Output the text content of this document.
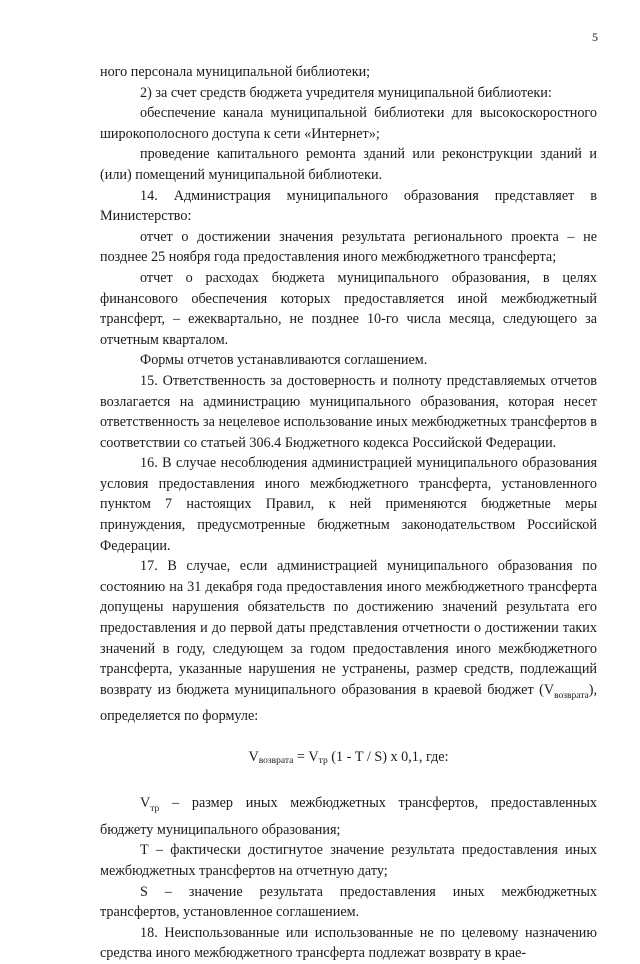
5

ного персонала муниципальной библиотеки;

2) за счет средств бюджета учредителя муниципальной библиотеки:

обеспечение канала муниципальной библиотеки для высокоскоростного широкополосного доступа к сети «Интернет»;

проведение капитального ремонта зданий или реконструкции зданий и (или) помещений муниципальной библиотеки.

14. Администрация муниципального образования представляет в Министерство:

отчет о достижении значения результата регионального проекта – не позднее 25 ноября года предоставления иного межбюджетного трансферта;

отчет о расходах бюджета муниципального образования, в целях финансового обеспечения которых предоставляется иной межбюджетный трансферт, – ежеквартально, не позднее 10-го числа месяца, следующего за отчетным кварталом.

Формы отчетов устанавливаются соглашением.

15. Ответственность за достоверность и полноту представляемых отчетов возлагается на администрацию муниципального образования, которая несет ответственность за нецелевое использование иных межбюджетных трансфертов в соответствии со статьей 306.4 Бюджетного кодекса Российской Федерации.

16. В случае несоблюдения администрацией муниципального образования условия предоставления иного межбюджетного трансферта, установленного пунктом 7 настоящих Правил, к ней применяются бюджетные меры принуждения, предусмотренные бюджетным законодательством Российской Федерации.

17. В случае, если администрацией муниципального образования по состоянию на 31 декабря года предоставления иного межбюджетного трансферта допущены нарушения обязательств по достижению значений результата его предоставления и до первой даты представления отчетности о достижении таких значений в году, следующем за годом предоставления иного межбюджетного трансферта, указанные нарушения не устранены, размер средств, подлежащий возврату из бюджета муниципального образования в краевой бюджет $(V_{возврата})$, определяется по формуле:

$V_{возврата} = V_{тр}$ (1 - T / S) х 0,1, где:

$V_{тр}$ – размер иных межбюджетных трансфертов, предоставленных бюджету муниципального образования;

Т – фактически достигнутое значение результата предоставления иных межбюджетных трансфертов на отчетную дату;

S – значение результата предоставления иных межбюджетных трансфертов, установленное соглашением.

18. Неиспользованные или использованные не по целевому назначению средства иного межбюджетного трансферта подлежат возврату в крае-
